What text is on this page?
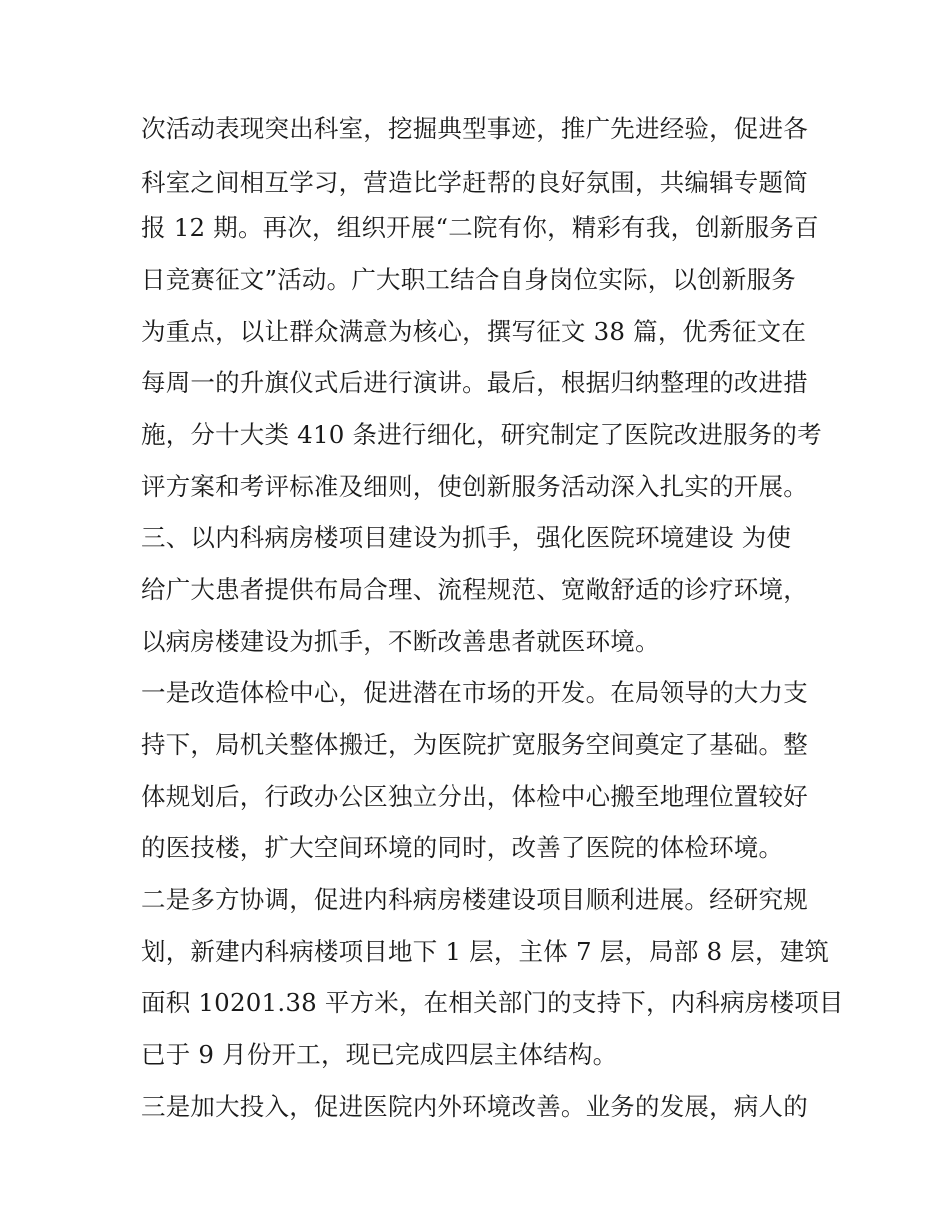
次活动表现突出科室，挖掘典型事迹，推广先进经验，促进各
科室之间相互学习，营造比学赶帮的良好氛围，共编辑专题简
报 12 期。再次，组织开展“二院有你，精彩有我，创新服务百
日竞赛征文”活动。广大职工结合自身岗位实际，以创新服务
为重点，以让群众满意为核心，撰写征文 38 篇，优秀征文在
每周一的升旗仪式后进行演讲。最后，根据归纳整理的改进措
施，分十大类 410 条进行细化，研究制定了医院改进服务的考
评方案和考评标准及细则，使创新服务活动深入扎实的开展。
三、以内科病房楼项目建设为抓手，强化医院环境建设 为使
给广大患者提供布局合理、流程规范、宽敞舒适的诊疗环境，
以病房楼建设为抓手，不断改善患者就医环境。
一是改造体检中心，促进潜在市场的开发。在局领导的大力支
持下，局机关整体搬迁，为医院扩宽服务空间奠定了基础。整
体规划后，行政办公区独立分出，体检中心搬至地理位置较好
的医技楼，扩大空间环境的同时，改善了医院的体检环境。
二是多方协调，促进内科病房楼建设项目顺利进展。经研究规
划，新建内科病楼项目地下 1 层，主体 7 层，局部 8 层，建筑
面积 10201.38 平方米，在相关部门的支持下，内科病房楼项目
已于 9 月份开工，现已完成四层主体结构。
三是加大投入，促进医院内外环境改善。业务的发展，病人的
